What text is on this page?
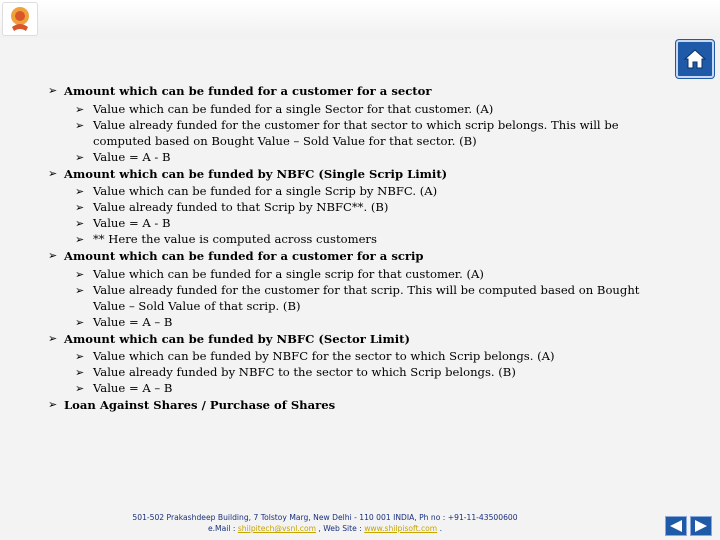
➢ Amount which can be funded for a customer for a sector
➢ Value which can be funded for a single Sector for that customer. (A)
➢ Value already funded for the customer for that sector to which scrip belongs. This will be computed based on Bought Value – Sold Value for that sector. (B)
➢ Value = A - B
➢ Amount which can be funded by NBFC (Single Scrip Limit)
➢ Value which can be funded for a single Scrip by NBFC. (A)
➢ Value already funded to that Scrip by NBFC**. (B)
➢ Value = A - B
➢ ** Here the value is computed across customers
➢ Amount which can be funded for a customer for a scrip
➢ Value which can be funded for a single scrip for that customer. (A)
➢ Value already funded for the customer for that scrip. This will be computed based on Bought Value – Sold Value of that scrip. (B)
➢ Value = A – B
➢ Amount which can be funded by NBFC (Sector Limit)
➢ Value which can be funded by NBFC for the sector to which Scrip belongs. (A)
➢ Value already funded by NBFC to the sector to which Scrip belongs. (B)
➢ Value = A – B
➢ Loan Against Shares / Purchase of Shares
501-502 Prakashdeep Building, 7 Tolstoy Marg, New Delhi - 110 001 INDIA, Ph no : +91-11-43500600
e.Mail : shilpitech@vsnl.com , Web Site : www.shilpisoft.com .
